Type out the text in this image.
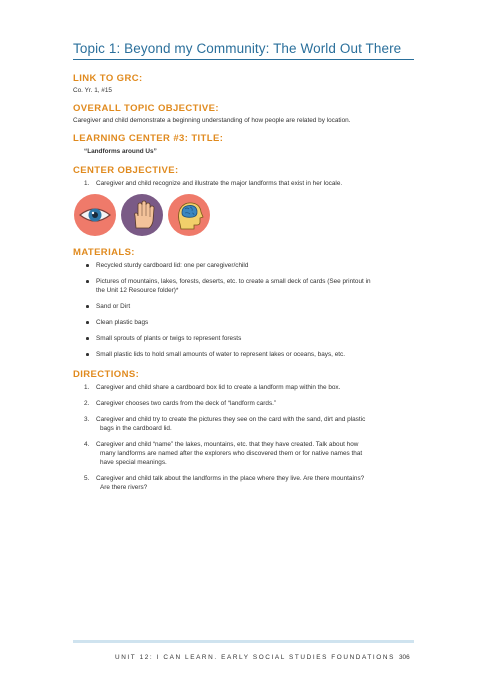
Topic 1: Beyond my Community: The World Out There
LINK TO GRC:
Co. Yr. 1, #15
OVERALL TOPIC OBJECTIVE:
Caregiver and child demonstrate a beginning understanding of how people are related by location.
LEARNING CENTER #3: TITLE:
“Landforms around Us”
CENTER OBJECTIVE:
1. Caregiver and child recognize and illustrate the major landforms that exist in her locale.
MATERIALS:
Recycled sturdy cardboard lid: one per caregiver/child
Pictures of mountains, lakes, forests, deserts, etc. to create a small deck of cards (See printout in
the Unit 12 Resource folder)*
Sand or Dirt
Clean plastic bags
Small sprouts of plants or twigs to represent forests
Small plastic lids to hold small amounts of water to represent lakes or oceans, bays, etc.
DIRECTIONS:
1. Caregiver and child share a cardboard box lid to create a landform map within the box.
2. Caregiver chooses two cards from the deck of “landform cards.”
3. Caregiver and child try to create the pictures they see on the card with the sand, dirt and plastic
bags in the cardboard lid.
4. Caregiver and child “name” the lakes, mountains, etc. that they have created. Talk about how
many landforms are named after the explorers who discovered them or for native names that
have special meanings.
5. Caregiver and child talk about the landforms in the place where they live. Are there mountains?
Are there rivers?
UNIT 12: I CAN LEARN. EARLY SOCIAL STUDIES FOUNDATIONS 306
